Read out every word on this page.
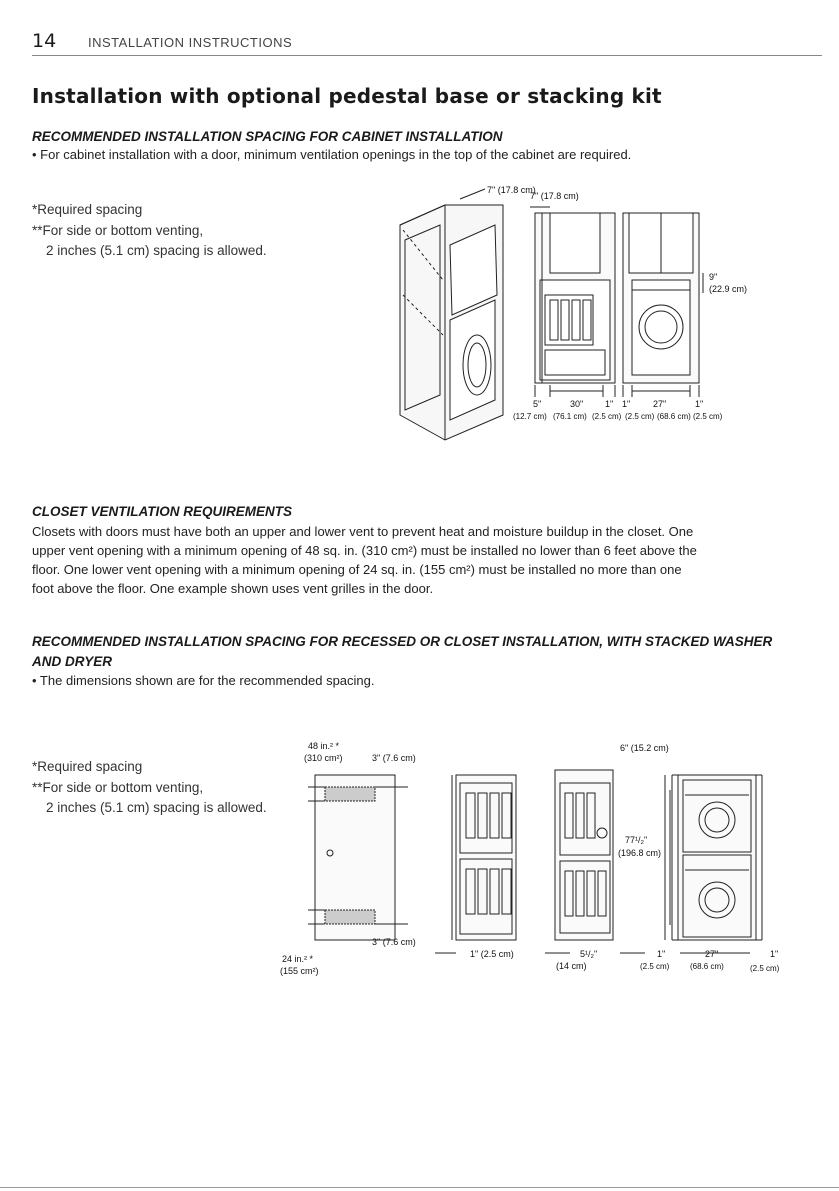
14 INSTALLATION INSTRUCTIONS
Installation with optional pedestal base or stacking kit
RECOMMENDED INSTALLATION SPACING FOR CABINET INSTALLATION
• For cabinet installation with a door, minimum ventilation openings in the top of the cabinet are required.
*Required spacing
**For side or bottom venting,
2 inches (5.1 cm) spacing is allowed.
7" (17.8 cm)
7" (17.8 cm)
9"
(22.9 cm)
5"	30" 1" 1"	27"	1"
(12.7 cm) (76.1 cm) (2.5 cm) (2.5 cm) (68.6 cm) (2.5 cm)
CLOSET VENTILATION REQUIREMENTS
Closets with doors must have both an upper and lower vent to prevent heat and moisture buildup in the closet. One
upper vent opening with a minimum opening of 48 sq. in. (310 cm²) must be installed no lower than 6 feet above the
floor. One lower vent opening with a minimum opening of 24 sq. in. (155 cm²) must be installed no more than one
foot above the floor. One example shown uses vent grilles in the door.
RECOMMENDED INSTALLATION SPACING FOR RECESSED OR CLOSET INSTALLATION, WITH STACKED WASHER
AND DRYER
• The dimensions shown are for the recommended spacing.
*Required spacing
**For side or bottom venting,
2 inches (5.1 cm) spacing is allowed.
48 in.² *
(310 cm²)	3" (7.6 cm)
3" (7.6 cm)
24 in.² *
(155 cm²)
1" (2.5 cm)	5¹/₂"
(14 cm)
6" (15.2 cm)
77¹/₂"
(196.8 cm)
1"	27"	1"
(2.5 cm)	(68.6 cm)	(2.5 cm)
